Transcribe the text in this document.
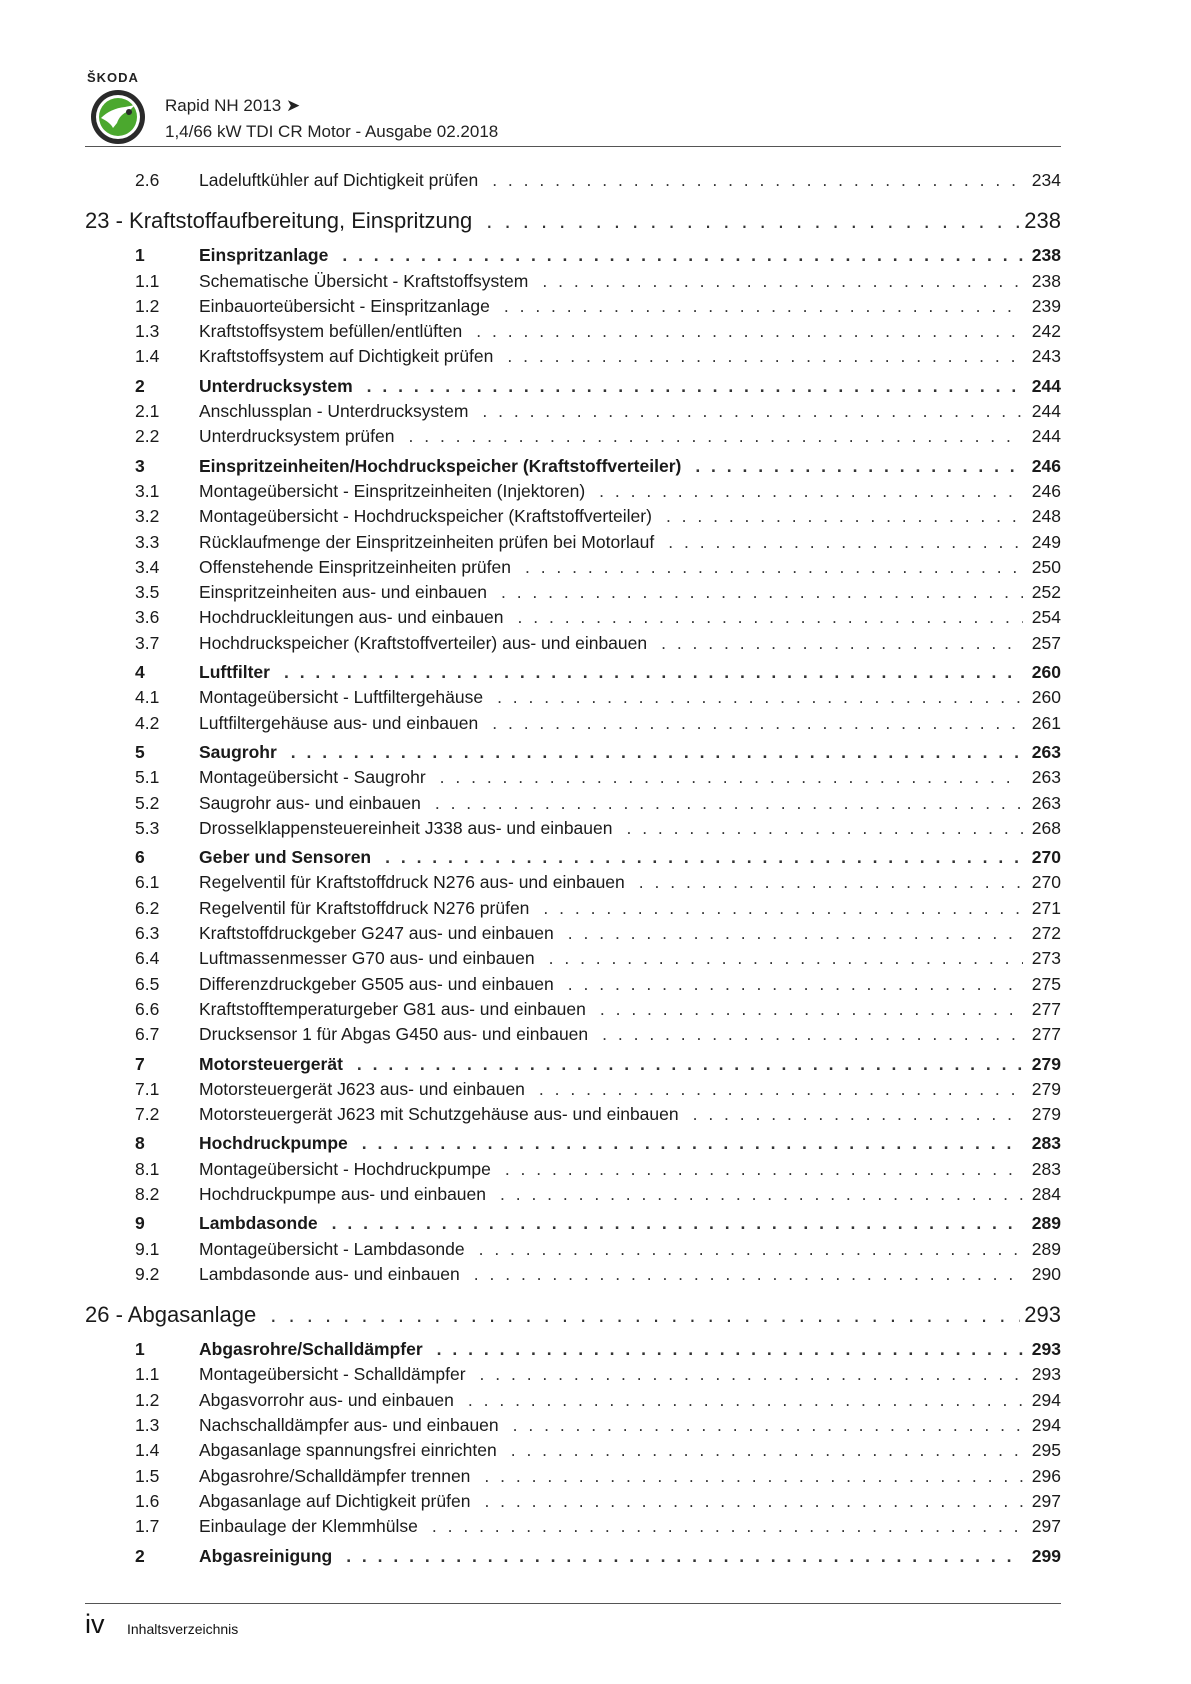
ŠKODA
Rapid NH 2013 ➤
1,4/66 kW TDI CR Motor - Ausgabe 02.2018
2.6	Ladeluftkühler auf Dichtigkeit prüfen . . .	234
23 - Kraftstoffaufbereitung, Einspritzung . . .	238
1	Einspritzanlage . . .	238
1.1	Schematische Übersicht - Kraftstoffsystem . . .	238
1.2	Einbauorteübersicht - Einspritzanlage . . .	239
1.3	Kraftstoffsystem befüllen/entlüften . . .	242
1.4	Kraftstoffsystem auf Dichtigkeit prüfen . . .	243
2	Unterdrucksystem . . .	244
2.1	Anschlussplan - Unterdrucksystem . . .	244
2.2	Unterdrucksystem prüfen . . .	244
3	Einspritzeinheiten/Hochdruckspeicher (Kraftstoffverteiler) . . .	246
3.1	Montageübersicht - Einspritzeinheiten (Injektoren) . . .	246
3.2	Montageübersicht - Hochdruckspeicher (Kraftstoffverteiler) . . .	248
3.3	Rücklaufmenge der Einspritzeinheiten prüfen bei Motorlauf . . .	249
3.4	Offenstehende Einspritzeinheiten prüfen . . .	250
3.5	Einspritzeinheiten aus- und einbauen . . .	252
3.6	Hochdruckleitungen aus- und einbauen . . .	254
3.7	Hochdruckspeicher (Kraftstoffverteiler) aus- und einbauen . . .	257
4	Luftfilter . . .	260
4.1	Montageübersicht - Luftfiltergehäuse . . .	260
4.2	Luftfiltergehäuse aus- und einbauen . . .	261
5	Saugrohr . . .	263
5.1	Montageübersicht - Saugrohr . . .	263
5.2	Saugrohr aus- und einbauen . . .	263
5.3	Drosselklappensteuereinheit J338 aus- und einbauen . . .	268
6	Geber und Sensoren . . .	270
6.1	Regelventil für Kraftstoffdruck N276 aus- und einbauen . . .	270
6.2	Regelventil für Kraftstoffdruck N276 prüfen . . .	271
6.3	Kraftstoffdruckgeber G247 aus- und einbauen . . .	272
6.4	Luftmassenmesser G70 aus- und einbauen . . .	273
6.5	Differenzdruckgeber G505 aus- und einbauen . . .	275
6.6	Kraftstofftemperaturgeber G81 aus- und einbauen . . .	277
6.7	Drucksensor 1 für Abgas G450 aus- und einbauen . . .	277
7	Motorsteuergerät . . .	279
7.1	Motorsteuergerät J623 aus- und einbauen . . .	279
7.2	Motorsteuergerät J623 mit Schutzgehäuse aus- und einbauen . . .	279
8	Hochdruckpumpe . . .	283
8.1	Montageübersicht - Hochdruckpumpe . . .	283
8.2	Hochdruckpumpe aus- und einbauen . . .	284
9	Lambdasonde . . .	289
9.1	Montageübersicht - Lambdasonde . . .	289
9.2	Lambdasonde aus- und einbauen . . .	290
26 - Abgasanlage . . .	293
1	Abgasrohre/Schalldämpfer . . .	293
1.1	Montageübersicht - Schalldämpfer . . .	293
1.2	Abgasvorrohr aus- und einbauen . . .	294
1.3	Nachschalldämpfer aus- und einbauen . . .	294
1.4	Abgasanlage spannungsfrei einrichten . . .	295
1.5	Abgasrohre/Schalldämpfer trennen . . .	296
1.6	Abgasanlage auf Dichtigkeit prüfen . . .	297
1.7	Einbaulage der Klemmhülse . . .	297
2	Abgasreinigung . . .	299
iv Inhaltsverzeichnis
